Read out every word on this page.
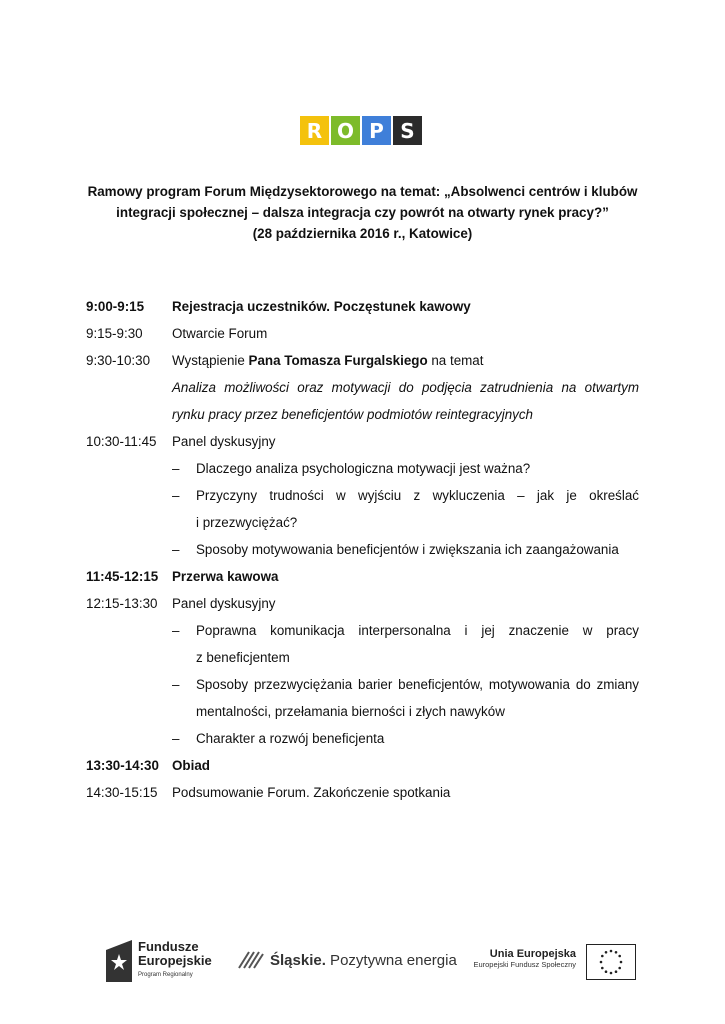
R O P S
Ramowy program Forum Międzysektorowego na temat: „Absolwenci centrów i klubów
integracji społecznej – dalsza integracja czy powrót na otwarty rynek pracy?”
(28 października 2016 r., Katowice)
9:00-9:15 Rejestracja uczestników. Poczęstunek kawowy
9:15-9:30 Otwarcie Forum
9:30-10:30 Wystąpienie Pana Tomasza Furgalskiego na temat
Analiza możliwości oraz motywacji do podjęcia zatrudnienia na otwartym
rynku pracy przez beneficjentów podmiotów reintegracyjnych
10:30-11:45 Panel dyskusyjny
– Dlaczego analiza psychologiczna motywacji jest ważna?
– Przyczyny trudności w wyjściu z wykluczenia – jak je określać
i przezwyciężać?
– Sposoby motywowania beneficjentów i zwiększania ich zaangażowania
11:45-12:15 Przerwa kawowa
12:15-13:30 Panel dyskusyjny
– Poprawna komunikacja interpersonalna i jej znaczenie w pracy
z beneficjentem
– Sposoby przezwyciężania barier beneficjentów, motywowania do zmiany
mentalności, przełamania bierności i złych nawyków
– Charakter a rozwój beneficjenta
13:30-14:30 Obiad
14:30-15:15 Podsumowanie Forum. Zakończenie spotkania
Fundusze
Europejskie
Program Regionalny
Śląskie. Pozytywna energia	Unia Europejska
Europejski Fundusz Społeczny
